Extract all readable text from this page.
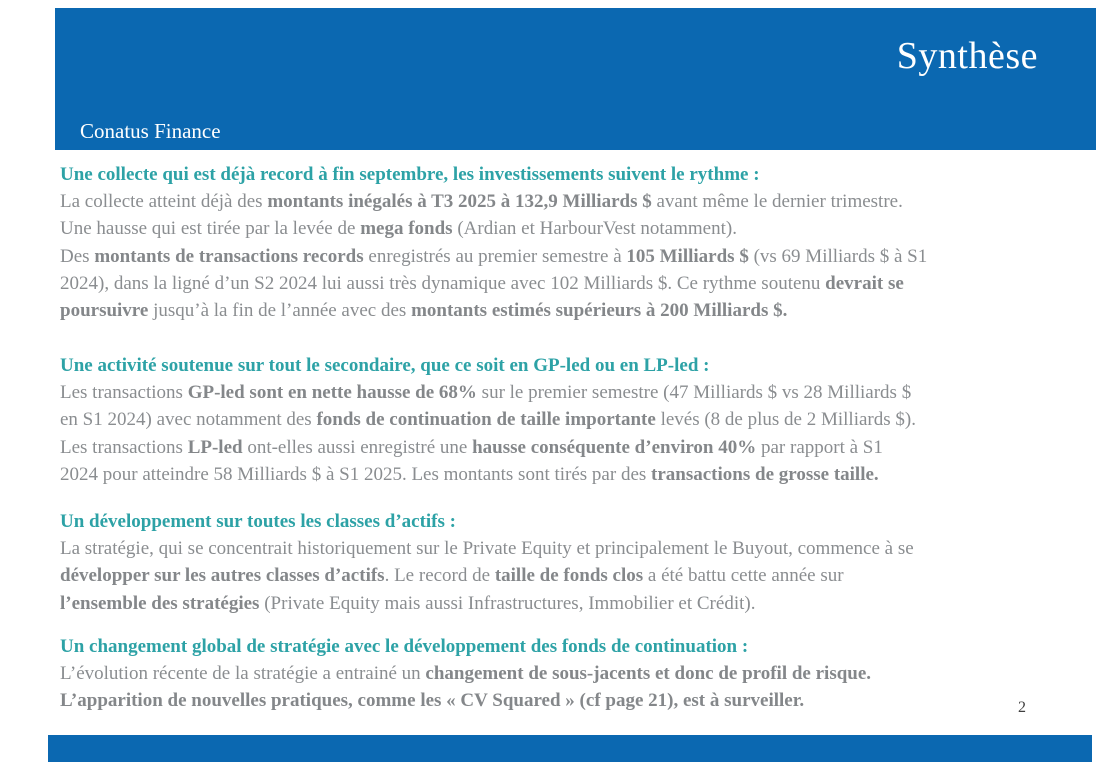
Synthèse
Conatus Finance
Une collecte qui est déjà record à fin septembre, les investissements suivent le rythme :
La collecte atteint déjà des montants inégalés à T3 2025 à 132,9 Milliards $ avant même le dernier trimestre.
Une hausse qui est tirée par la levée de mega fonds (Ardian et HarbourVest notamment).
Des montants de transactions records enregistrés au premier semestre à 105 Milliards $ (vs 69 Milliards $ à S1
2024), dans la ligné d’un S2 2024 lui aussi très dynamique avec 102 Milliards $. Ce rythme soutenu devrait se
poursuivre jusqu’à la fin de l’année avec des montants estimés supérieurs à 200 Milliards $.
Une activité soutenue sur tout le secondaire, que ce soit en GP-led ou en LP-led :
Les transactions GP-led sont en nette hausse de 68% sur le premier semestre (47 Milliards $ vs 28 Milliards $
en S1 2024) avec notamment des fonds de continuation de taille importante levés (8 de plus de 2 Milliards $).
Les transactions LP-led ont-elles aussi enregistré une hausse conséquente d’environ 40% par rapport à S1
2024 pour atteindre 58 Milliards $ à S1 2025. Les montants sont tirés par des transactions de grosse taille.
Un développement sur toutes les classes d’actifs :
La stratégie, qui se concentrait historiquement sur le Private Equity et principalement le Buyout, commence à se
développer sur les autres classes d’actifs. Le record de taille de fonds clos a été battu cette année sur
l’ensemble des stratégies (Private Equity mais aussi Infrastructures, Immobilier et Crédit).
Un changement global de stratégie avec le développement des fonds de continuation :
L’évolution récente de la stratégie a entrainé un changement de sous-jacents et donc de profil de risque.
L’apparition de nouvelles pratiques, comme les « CV Squared » (cf page 21), est à surveiller.	2
